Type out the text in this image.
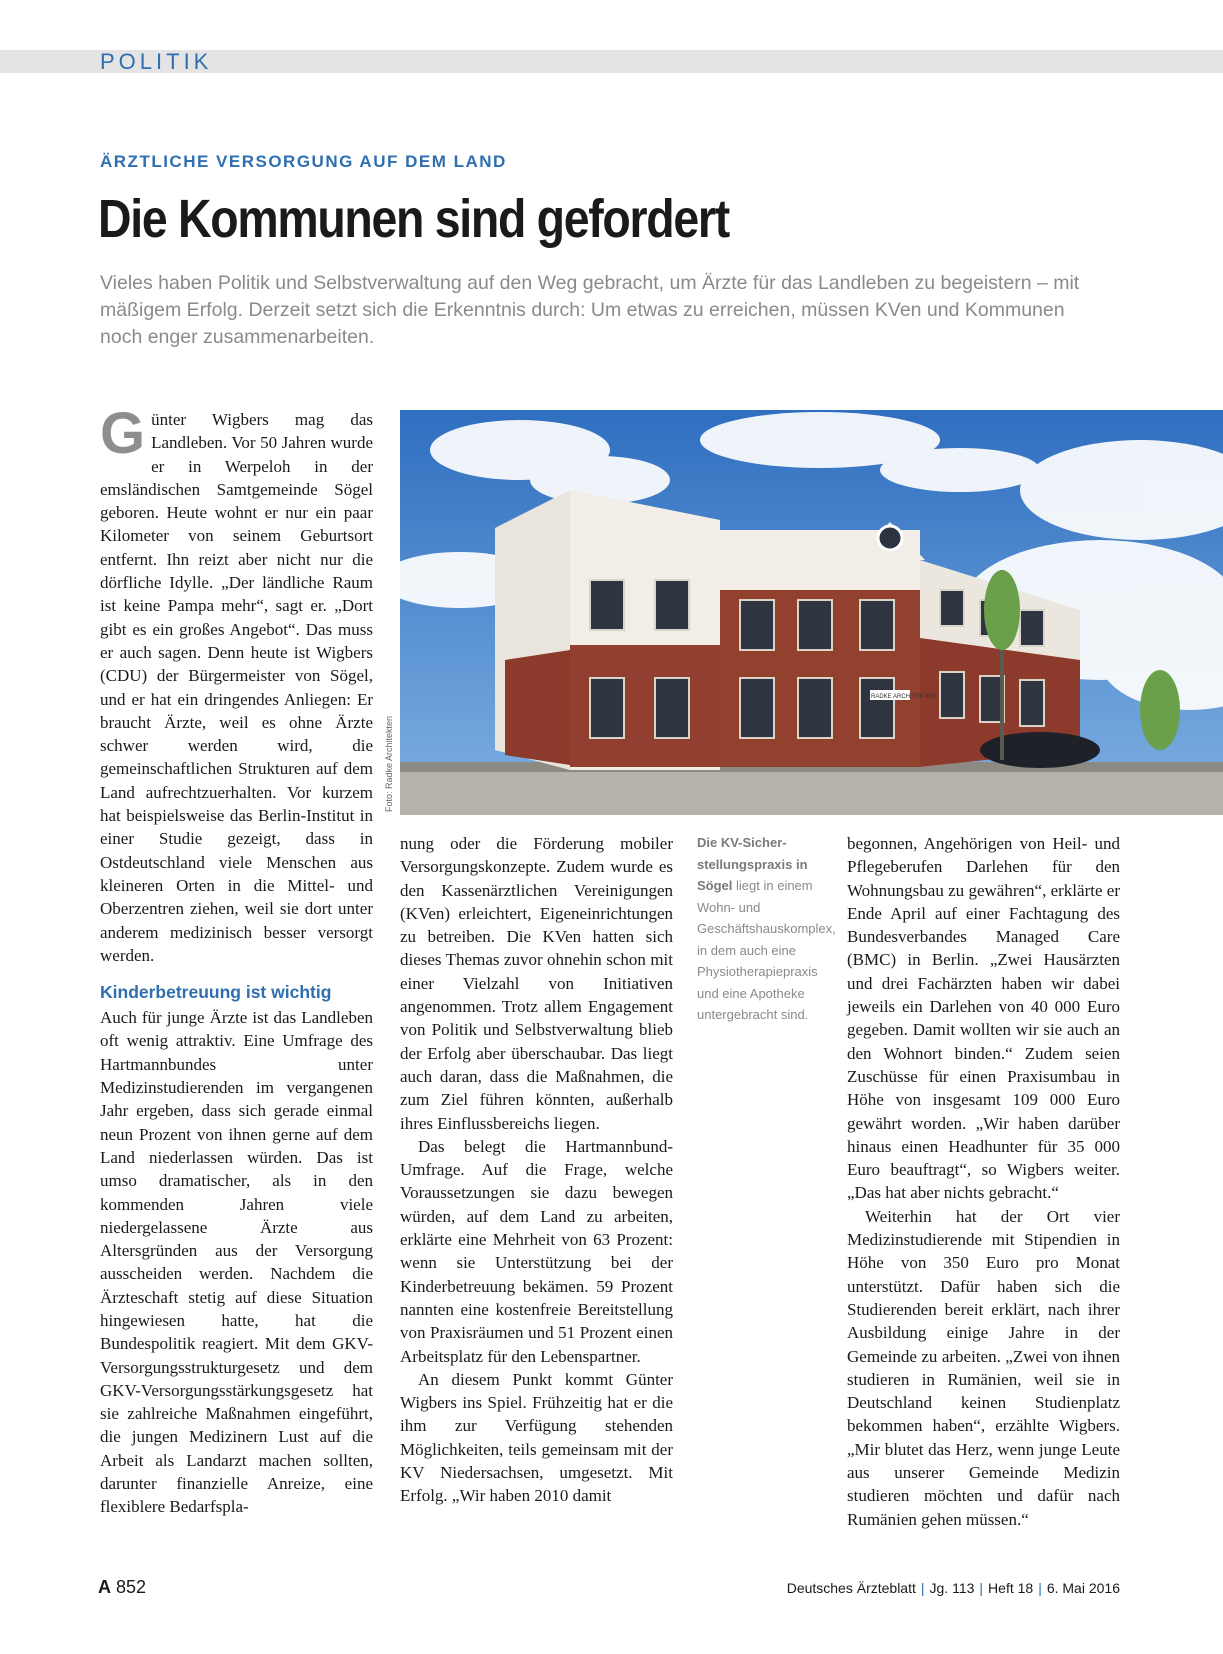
POLITIK
ÄRZTLICHE VERSORGUNG AUF DEM LAND
Die Kommunen sind gefordert

Vieles haben Politik und Selbstverwaltung auf den Weg gebracht, um Ärzte für das Landleben zu begeistern – mit mäßigem Erfolg. Derzeit setzt sich die Erkenntnis durch: Um etwas zu erreichen, müssen KVen und Kommunen noch enger zusammenarbeiten.

RADKE ARCHITEKTEN
Foto: Radke Architekten

Günter Wigbers mag das Landleben. Vor 50 Jahren wurde er in Werpeloh in der emsländischen Samtgemeinde Sögel geboren. Heute wohnt er nur ein paar Kilometer von seinem Geburtsort entfernt. Ihn reizt aber nicht nur die dörfliche Idylle. „Der ländliche Raum ist keine Pampa mehr“, sagt er. „Dort gibt es ein großes Angebot“. Das muss er auch sagen. Denn heute ist Wigbers (CDU) der Bürgermeister von Sögel, und er hat ein dringendes Anliegen: Er braucht Ärzte, weil es ohne Ärzte schwer werden wird, die gemeinschaftlichen Strukturen auf dem Land aufrechtzuerhalten. Vor kurzem hat beispielsweise das Berlin-Institut in einer Studie gezeigt, dass in Ostdeutschland viele Menschen aus kleineren Orten in die Mittel- und Oberzentren ziehen, weil sie dort unter anderem medizinisch besser versorgt werden.

Kinderbetreuung ist wichtig

Auch für junge Ärzte ist das Landleben oft wenig attraktiv. Eine Umfrage des Hartmannbundes unter Medizinstudierenden im vergangenen Jahr ergeben, dass sich gerade einmal neun Prozent von ihnen gerne auf dem Land niederlassen würden. Das ist umso dramatischer, als in den kommenden Jahren viele niedergelassene Ärzte aus Altersgründen aus der Versorgung ausscheiden werden. Nachdem die Ärzteschaft stetig auf diese Situation hingewiesen hatte, hat die Bundespolitik reagiert. Mit dem GKV-Versorgungsstrukturgesetz und dem GKV-Versorgungsstärkungsgesetz hat sie zahlreiche Maßnahmen eingeführt, die jungen Medizinern Lust auf die Arbeit als Landarzt machen sollten, darunter finanzielle Anreize, eine flexiblere Bedarfspla-

nung oder die Förderung mobiler Versorgungskonzepte. Zudem wurde es den Kassenärztlichen Vereinigungen (KVen) erleichtert, Eigeneinrichtungen zu betreiben. Die KVen hatten sich dieses Themas zuvor ohnehin schon mit einer Vielzahl von Initiativen angenommen. Trotz allem Engagement von Politik und Selbstverwaltung blieb der Erfolg aber überschaubar. Das liegt auch daran, dass die Maßnahmen, die zum Ziel führen könnten, außerhalb ihres Einflussbereichs liegen.

Das belegt die Hartmannbund-Umfrage. Auf die Frage, welche Voraussetzungen sie dazu bewegen würden, auf dem Land zu arbeiten, erklärte eine Mehrheit von 63 Prozent: wenn sie Unterstützung bei der Kinderbetreuung bekämen. 59 Prozent nannten eine kostenfreie Bereitstellung von Praxisräumen und 51 Prozent einen Arbeitsplatz für den Lebenspartner.

An diesem Punkt kommt Günter Wigbers ins Spiel. Frühzeitig hat er die ihm zur Verfügung stehenden Möglichkeiten, teils gemeinsam mit der KV Niedersachsen, umgesetzt. Mit Erfolg. „Wir haben 2010 damit

Die KV-Sicherstellungspraxis in Sögel liegt in einem Wohn- und Geschäftshauskomplex, in dem auch eine Physiotherapiepraxis und eine Apotheke untergebracht sind.

begonnen, Angehörigen von Heil- und Pflegeberufen Darlehen für den Wohnungsbau zu gewähren“, erklärte er Ende April auf einer Fachtagung des Bundesverbandes Managed Care (BMC) in Berlin. „Zwei Hausärzten und drei Fachärzten haben wir dabei jeweils ein Darlehen von 40 000 Euro gegeben. Damit wollten wir sie auch an den Wohnort binden.“ Zudem seien Zuschüsse für einen Praxisumbau in Höhe von insgesamt 109 000 Euro gewährt worden. „Wir haben darüber hinaus einen Headhunter für 35 000 Euro beauftragt“, so Wigbers weiter. „Das hat aber nichts gebracht.“

Weiterhin hat der Ort vier Medizinstudierende mit Stipendien in Höhe von 350 Euro pro Monat unterstützt. Dafür haben sich die Studierenden bereit erklärt, nach ihrer Ausbildung einige Jahre in der Gemeinde zu arbeiten. „Zwei von ihnen studieren in Rumänien, weil sie in Deutschland keinen Studienplatz bekommen haben“, erzählte Wigbers. „Mir blutet das Herz, wenn junge Leute aus unserer Gemeinde Medizin studieren möchten und dafür nach Rumänien gehen müssen.“

A 852	Deutsches Ärzteblatt | Jg. 113 | Heft 18 | 6. Mai 2016
